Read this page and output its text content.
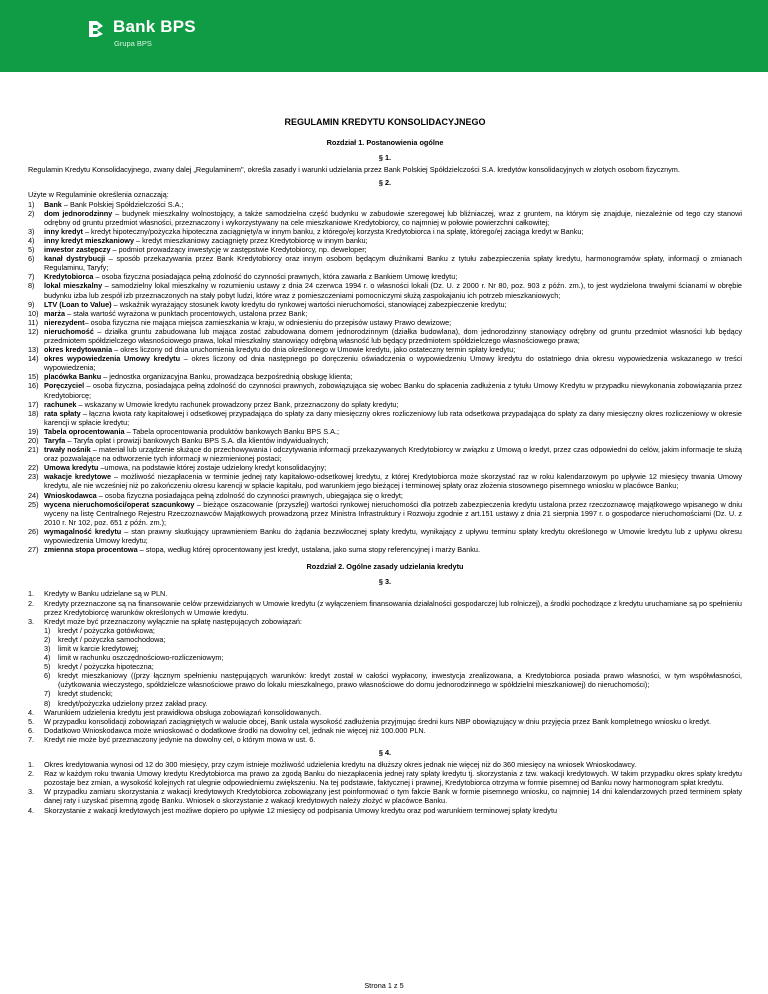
Bank BPS
Grupa BPS
REGULAMIN KREDYTU KONSOLIDACYJNEGO
Rozdział 1. Postanowienia ogólne
§ 1.

Regulamin Kredytu Konsolidacyjnego, zwany dalej „Regulaminem", określa zasady i warunki udzielania przez Bank Polskiej Spółdzielczości S.A. kredytów konsolidacyjnych w złotych osobom fizycznym.

§ 2.

Użyte w Regulaminie określenia oznaczają:

1)	Bank – Bank Polskiej Spółdzielczości S.A.;
2)	dom jednorodzinny – budynek mieszkalny wolnostojący, a także samodzielna część budynku w zabudowie szeregowej lub bliźniaczej, wraz z gruntem, na którym się znajduje, niezależnie od tego czy stanowi odrębny od gruntu przedmiot własności, przeznaczony i wykorzystywany na cele mieszkaniowe Kredytobiorcy, co najmniej w połowie powierzchni całkowitej;
3)	inny kredyt – kredyt hipoteczny/pożyczka hipoteczna zaciągnięty/a w innym banku, z którego/ej korzysta Kredytobiorca i na spłatę, którego/ej zaciąga kredyt w Banku;
4)	inny kredyt mieszkaniowy – kredyt mieszkaniowy zaciągnięty przez Kredytobiorcę w innym banku;
5)	inwestor zastępczy – podmiot prowadzący inwestycję w zastępstwie Kredytobiorcy, np. deweloper;
6)	kanał dystrybucji – sposób przekazywania przez Bank Kredytobiorcy oraz innym osobom będącym dłużnikami Banku z tytułu zabezpieczenia spłaty kredytu, harmonogramów spłaty, informacji o zmianach Regulaminu, Taryfy;
7)	Kredytobiorca – osoba fizyczna posiadająca pełną zdolność do czynności prawnych, która zawarła z Bankiem Umowę kredytu;
8)	lokal mieszkalny – samodzielny lokal mieszkalny w rozumieniu ustawy z dnia 24 czerwca 1994 r. o własności lokali (Dz. U. z 2000 r. Nr 80, poz. 903 z późn. zm.), to jest wydzielona trwałymi ścianami w obrębie budynku izba lub zespół izb przeznaczonych na stały pobyt ludzi, które wraz z pomieszczeniami pomocniczymi służą zaspokajaniu ich potrzeb mieszkaniowych;
9)	LTV (Loan to Value) – wskaźnik wyrażający stosunek kwoty kredytu do rynkowej wartości nieruchomości, stanowiącej zabezpieczenie kredytu;
10) marża – stała wartość wyrażona w punktach procentowych, ustalona przez Bank;
11) nierezydent– osoba fizyczna nie mająca miejsca zamieszkania w kraju, w odniesieniu do przepisów ustawy Prawo dewizowe;
12) nieruchomość – działka gruntu zabudowana lub mająca zostać zabudowana domem jednorodzinnym (działka budowlana), dom jednorodzinny stanowiący odrębny od gruntu przedmiot własności lub będący przedmiotem spółdzielczego własnościowego prawa, lokal mieszkalny stanowiący odrębną własność lub będący przedmiotem spółdzielczego własnościowego prawa;
13) okres kredytowania – okres liczony od dnia uruchomienia kredytu do dnia określonego w Umowie kredytu, jako ostateczny termin spłaty kredytu;
14) okres wypowiedzenia Umowy kredytu – okres liczony od dnia następnego po doręczeniu oświadczenia o wypowiedzeniu Umowy kredytu do ostatniego dnia okresu wypowiedzenia wskazanego w treści wypowiedzenia;
15) placówka Banku – jednostka organizacyjna Banku, prowadząca bezpośrednią obsługę klienta;
16) Poręczyciel – osoba fizyczna, posiadająca pełną zdolność do czynności prawnych, zobowiązująca się wobec Banku do spłacenia zadłużenia z tytułu Umowy Kredytu w przypadku niewykonania zobowiązania przez Kredytobiorcę;
17) rachunek – wskazany w Umowie kredytu rachunek prowadzony przez Bank, przeznaczony do spłaty kredytu;
18) rata spłaty – łączna kwota raty kapitałowej i odsetkowej przypadająca do spłaty za dany miesięczny okres rozliczeniowy lub rata odsetkowa przypadająca do spłaty za dany miesięczny okres rozliczeniowy w okresie karencji w spłacie kredytu;
19) Tabela oprocentowania – Tabela oprocentowania produktów bankowych Banku BPS S.A.;
20) Taryfa – Taryfa opłat i prowizji bankowych Banku BPS S.A. dla klientów indywidualnych;
21) trwały nośnik – materiał lub urządzenie służące do przechowywania i odczytywania informacji przekazywanych Kredytobiorcy w związku z Umową o kredyt, przez czas odpowiedni do celów, jakim informacje te służą oraz pozwalające na odtworzenie tych informacji w niezmienionej postaci;
22) Umowa kredytu –umowa, na podstawie której zostaje udzielony kredyt konsolidacyjny;
23) wakacje kredytowe – możliwość niezapłacenia w terminie jednej raty kapitałowo-odsetkowej kredytu, z której Kredytobiorca może skorzystać raz w roku kalendarzowym po upływie 12 miesięcy trwania Umowy kredytu, ale nie wcześniej niż po zakończeniu okresu karencji w spłacie kapitału, pod warunkiem jego bieżącej i terminowej spłaty oraz złożenia stosownego pisemnego wniosku w placówce Banku;
24) Wnioskodawca – osoba fizyczna posiadająca pełną zdolność do czynności prawnych, ubiegająca się o kredyt;
25) wycena nieruchomości/operat szacunkowy – bieżące oszacowanie (przyszłej) wartości rynkowej nieruchomości dla potrzeb zabezpieczenia kredytu ustalona przez rzeczoznawcę majątkowego wpisanego w dniu wyceny na listę Centralnego Rejestru Rzeczoznawców Majątkowych prowadzoną przez Ministra Infrastruktury i Rozwoju zgodnie z art.151 ustawy z dnia 21 sierpnia 1997 r. o gospodarce nieruchomościami (Dz. U. z 2010 r. Nr 102, poz. 651 z późn. zm.);
26) wymagalność kredytu – stan prawny skutkujący uprawnieniem Banku do żądania bezzwłocznej spłaty kredytu, wynikający z upływu terminu spłaty kredytu określonego w Umowie kredytu lub z upływu okresu wypowiedzenia Umowy kredytu;
27) zmienna stopa procentowa – stopa, według której oprocentowany jest kredyt, ustalana, jako suma stopy referencyjnej i marży Banku.
Rozdział 2. Ogólne zasady udzielania kredytu
§ 3.
1.	Kredyty w Banku udzielane są w PLN.
2.	Kredyty przeznaczone są na finansowanie celów przewidzianych w Umowie kredytu (z wyłączeniem finansowania działalności gospodarczej lub rolniczej), a środki pochodzące z kredytu uruchamiane są po spełnieniu przez Kredytobiorcę warunków określonych w Umowie kredytu.
3.	Kredyt może być przeznaczony wyłącznie na spłatę następujących zobowiązań:
1)	kredyt / pożyczka gotówkowa;
2)	kredyt / pożyczka samochodowa;
3)	limit w karcie kredytowej;
4)	limit w rachunku oszczędnościowo-rozliczeniowym;
5)	kredyt / pożyczka hipoteczna;
6)	kredyt mieszkaniowy ((przy łącznym spełnieniu następujących warunków: kredyt został w całości wypłacony, inwestycja zrealizowana, a Kredytobiorca posiada prawo własności, w tym współwłasności, (użytkowania wieczystego, spółdzielcze własnościowe prawo do lokalu mieszkalnego, prawo własnościowe do domu jednorodzinnego w spółdzielni mieszkaniowej) do nieruchomości);
7)	kredyt studencki;
8)	kredyt/pożyczka udzielony przez zakład pracy.
4.	Warunkiem udzielenia kredytu jest prawidłowa obsługa zobowiązań konsolidowanych.
5.	W przypadku konsolidacji zobowiązań zaciągniętych w walucie obcej, Bank ustala wysokość zadłużenia przyjmując średni kurs NBP obowiązujący w dniu przyjęcia przez Bank kompletnego wniosku o kredyt.
6.	Dodatkowo Wnioskodawca może wnioskować o dodatkowe środki na dowolny cel, jednak nie więcej niż 100.000 PLN.
7.	Kredyt nie może być przeznaczony jedynie na dowolny cel, o którym mowa w ust. 6.
§ 4.
1.	Okres kredytowania wynosi od 12 do 300 miesięcy, przy czym istnieje możliwość udzielenia kredytu na dłuższy okres jednak nie więcej niż do 360 miesięcy na wniosek Wnioskodawcy.
2.	Raz w każdym roku trwania Umowy kredytu Kredytobiorca ma prawo za zgodą Banku do niezapłacenia jednej raty spłaty kredytu tj. skorzystania z tzw. wakacji kredytowych. W takim przypadku okres spłaty kredytu pozostaje bez zmian, a wysokość kolejnych rat ulegnie odpowiedniemu zwiększeniu. Na tej podstawie, faktycznej i prawnej, Kredytobiorca otrzyma w formie pisemnej od Banku nowy harmonogram spłat kredytu.
3.	W przypadku zamiaru skorzystania z wakacji kredytowych Kredytobiorca zobowiązany jest poinformować o tym fakcie Bank w formie pisemnego wniosku, co najmniej 14 dni kalendarzowych przed terminem spłaty danej raty i uzyskać pisemną zgodę Banku. Wniosek o skorzystanie z wakacji kredytowych należy złożyć w placówce Banku.
4.	Skorzystanie z wakacji kredytowych jest możliwe dopiero po upływie 12 miesięcy od podpisania Umowy kredytu oraz pod warunkiem terminowej spłaty kredytu
Strona 1 z 5
